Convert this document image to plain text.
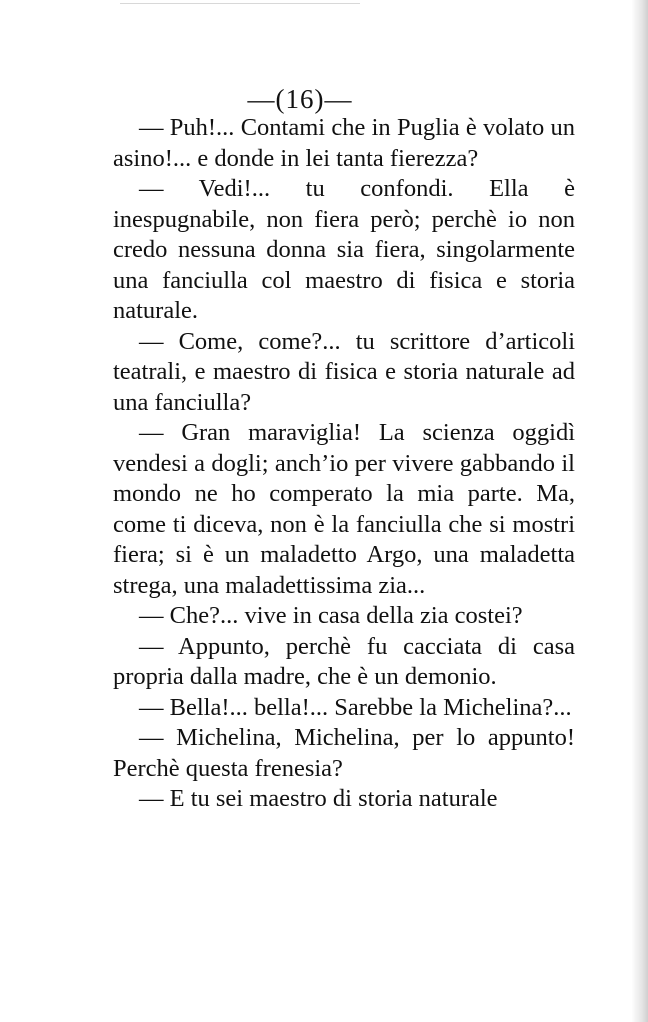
—(16)—

— Puh!... Contami che in Puglia è volato un asino!... e donde in lei tanta fierezza?

— Vedi!... tu confondi. Ella è inespugnabile, non fiera però; perchè io non credo nessuna donna sia fiera, singolarmente una fanciulla col maestro di fisica e storia naturale.

— Come, come?... tu scrittore d’articoli teatrali, e maestro di fisica e storia naturale ad una fanciulla?

— Gran maraviglia! La scienza oggidì vendesi a dogli; anch’io per vivere gabbando il mondo ne ho comperato la mia parte. Ma, come ti diceva, non è la fanciulla che si mostri fiera; si è un maladetto Argo, una maladetta strega, una maladettissima zia...

— Che?... vive in casa della zia costei?

— Appunto, perchè fu cacciata di casa propria dalla madre, che è un demonio.

— Bella!... bella!... Sarebbe la Michelina?...

— Michelina, Michelina, per lo appunto! Perchè questa frenesia?

— E tu sei maestro di storia naturale
